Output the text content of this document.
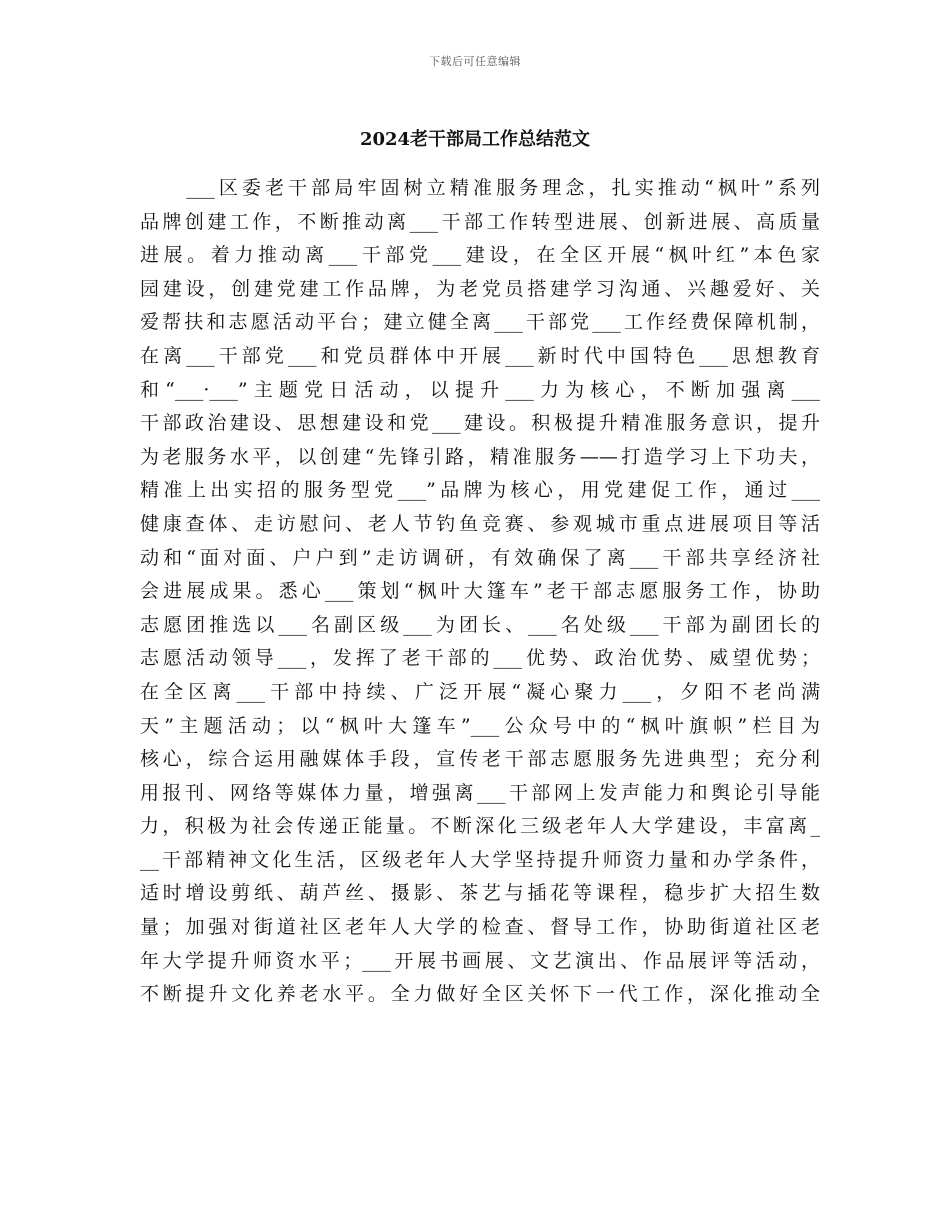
下载后可任意编辑
2024老干部局工作总结范文
　　___区委老干部局牢固树立精准服务理念，扎实推动“枫叶”系列
品牌创建工作，不断推动离___干部工作转型进展、创新进展、高质量
进展。着力推动离___干部党___建设，在全区开展“枫叶红”本色家
园建设，创建党建工作品牌，为老党员搭建学习沟通、兴趣爱好、关
爱帮扶和志愿活动平台；建立健全离___干部党___工作经费保障机制，
在离___干部党___和党员群体中开展___新时代中国特色___思想教育
和“___·___”主题党日活动，以提升___力为核心，不断加强离___
干部政治建设、思想建设和党___建设。积极提升精准服务意识，提升
为老服务水平，以创建“先锋引路，精准服务——打造学习上下功夫，
精准上出实招的服务型党___”品牌为核心，用党建促工作，通过___
健康查体、走访慰问、老人节钓鱼竞赛、参观城市重点进展项目等活
动和“面对面、户户到”走访调研，有效确保了离___干部共享经济社
会进展成果。悉心___策划“枫叶大篷车”老干部志愿服务工作，协助
志愿团推选以___名副区级___为团长、___名处级___干部为副团长的
志愿活动领导___，发挥了老干部的___优势、政治优势、威望优势；
在全区离___干部中持续、广泛开展“凝心聚力___，夕阳不老尚满
天”主题活动；以“枫叶大篷车”___公众号中的“枫叶旗帜”栏目为
核心，综合运用融媒体手段，宣传老干部志愿服务先进典型；充分利
用报刊、网络等媒体力量，增强离___干部网上发声能力和舆论引导能
力，积极为社会传递正能量。不断深化三级老年人大学建设，丰富离_
__干部精神文化生活，区级老年人大学坚持提升师资力量和办学条件，
适时增设剪纸、葫芦丝、摄影、茶艺与插花等课程，稳步扩大招生数
量；加强对街道社区老年人大学的检查、督导工作，协助街道社区老
年大学提升师资水平；___开展书画展、文艺演出、作品展评等活动，
不断提升文化养老水平。全力做好全区关怀下一代工作，深化推动全
